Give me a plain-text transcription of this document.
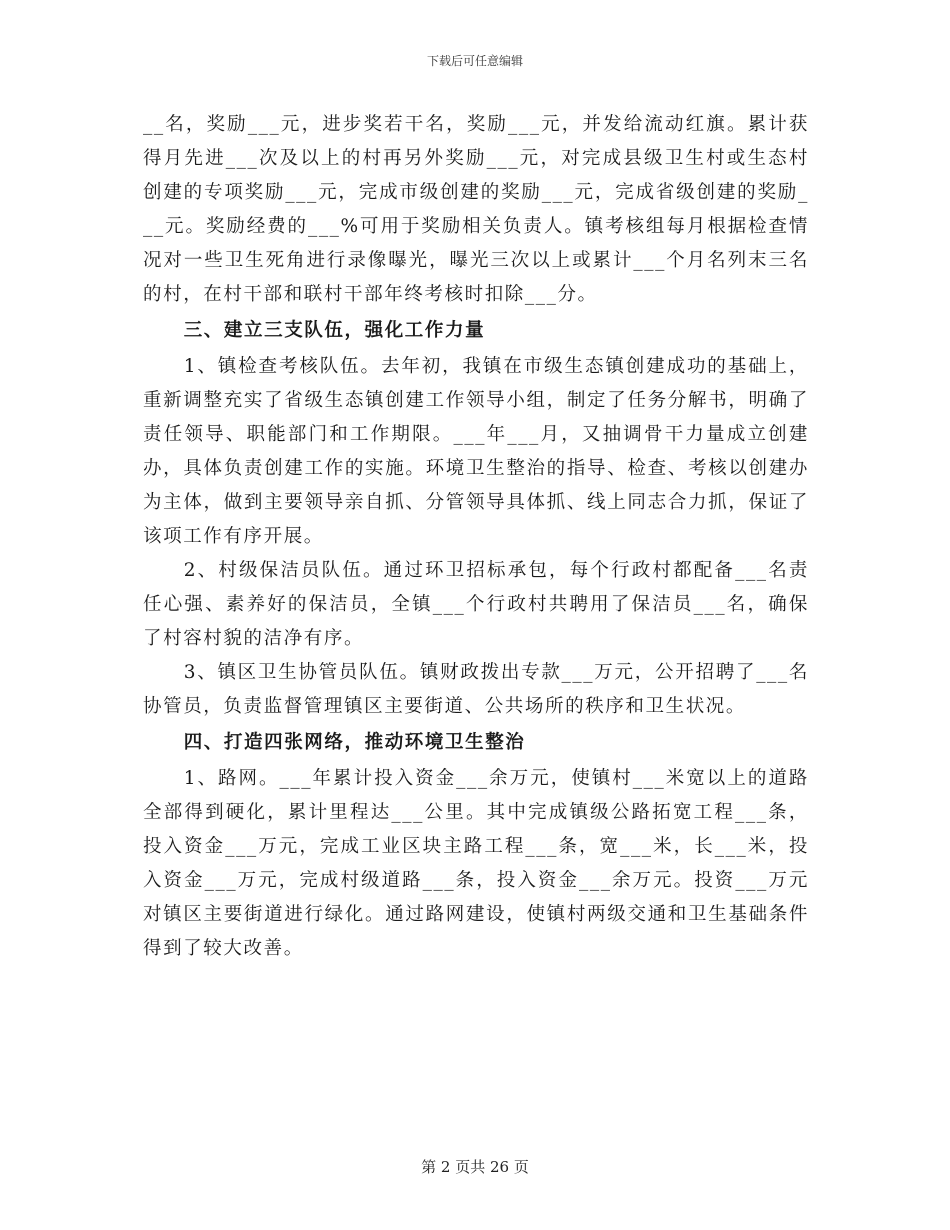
下载后可任意编辑

__名，奖励___元，进步奖若干名，奖励___元，并发给流动红旗。累计获得月先进___次及以上的村再另外奖励___元，对完成县级卫生村或生态村创建的专项奖励___元，完成市级创建的奖励___元，完成省级创建的奖励___元。奖励经费的___%可用于奖励相关负责人。镇考核组每月根据检查情况对一些卫生死角进行录像曝光，曝光三次以上或累计___个月名列末三名的村，在村干部和联村干部年终考核时扣除___分。

三、建立三支队伍，强化工作力量

1、镇检查考核队伍。去年初，我镇在市级生态镇创建成功的基础上，重新调整充实了省级生态镇创建工作领导小组，制定了任务分解书，明确了责任领导、职能部门和工作期限。___年___月，又抽调骨干力量成立创建办，具体负责创建工作的实施。环境卫生整治的指导、检查、考核以创建办为主体，做到主要领导亲自抓、分管领导具体抓、线上同志合力抓，保证了该项工作有序开展。

2、村级保洁员队伍。通过环卫招标承包，每个行政村都配备___名责任心强、素养好的保洁员，全镇___个行政村共聘用了保洁员___名，确保了村容村貌的洁净有序。

3、镇区卫生协管员队伍。镇财政拨出专款___万元，公开招聘了___名协管员，负责监督管理镇区主要街道、公共场所的秩序和卫生状况。

四、打造四张网络，推动环境卫生整治

1、路网。___年累计投入资金___余万元，使镇村___米宽以上的道路全部得到硬化，累计里程达___公里。其中完成镇级公路拓宽工程___条，投入资金___万元，完成工业区块主路工程___条，宽___米，长___米，投入资金___万元，完成村级道路___条，投入资金___余万元。投资___万元对镇区主要街道进行绿化。通过路网建设，使镇村两级交通和卫生基础条件得到了较大改善。

第 2 页共 26 页
